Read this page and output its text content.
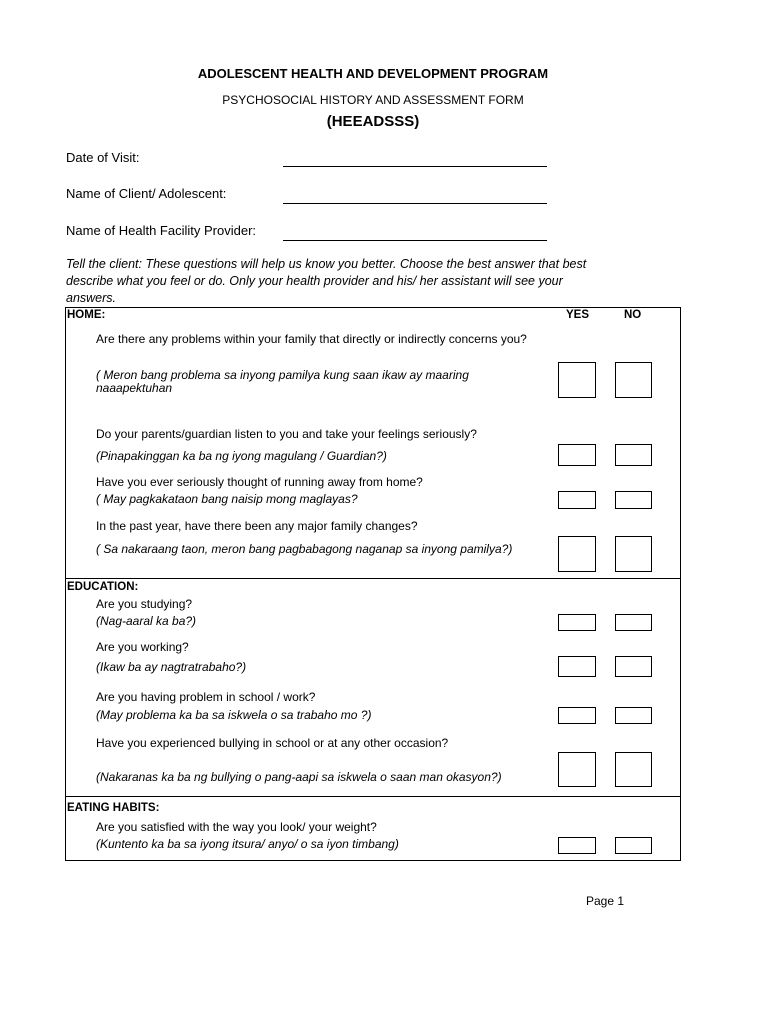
ADOLESCENT HEALTH AND DEVELOPMENT PROGRAM
PSYCHOSOCIAL HISTORY AND ASSESSMENT FORM
(HEEADSSS)
Date of Visit:
Name of Client/ Adolescent:
Name of Health Facility Provider:
Tell the client: These questions will help us know you better. Choose the best answer that best describe what you feel or do. Only your health provider and his/ her assistant will see your answers.
HOME:	YES	NO
Are there any problems within your family that directly or indirectly concerns you?
( Meron bang problema sa inyong pamilya kung saan ikaw ay maaring naaapektuhan
Do your parents/guardian listen to you and take your feelings seriously?
(Pinapakinggan ka ba ng iyong magulang / Guardian?)
Have you ever seriously thought of running away from home?
( May pagkakataon bang naisip mong maglayas?
In the past year, have there been any major family changes?
( Sa nakaraang taon, meron bang pagbabagong naganap sa inyong pamilya?)
EDUCATION:
Are you studying?
(Nag-aaral ka ba?)
Are you working?
(Ikaw ba ay nagtratrabaho?)
Are you having problem in school / work?
(May problema ka ba sa iskwela o sa trabaho mo ?)
Have you experienced bullying in school or at any other occasion?
(Nakaranas ka ba ng bullying o pang-aapi sa iskwela o saan man okasyon?)
EATING HABITS:
Are you satisfied with the way you look/ your weight?
(Kuntento ka ba sa iyong itsura/ anyo/ o sa iyon timbang)
Page 1
